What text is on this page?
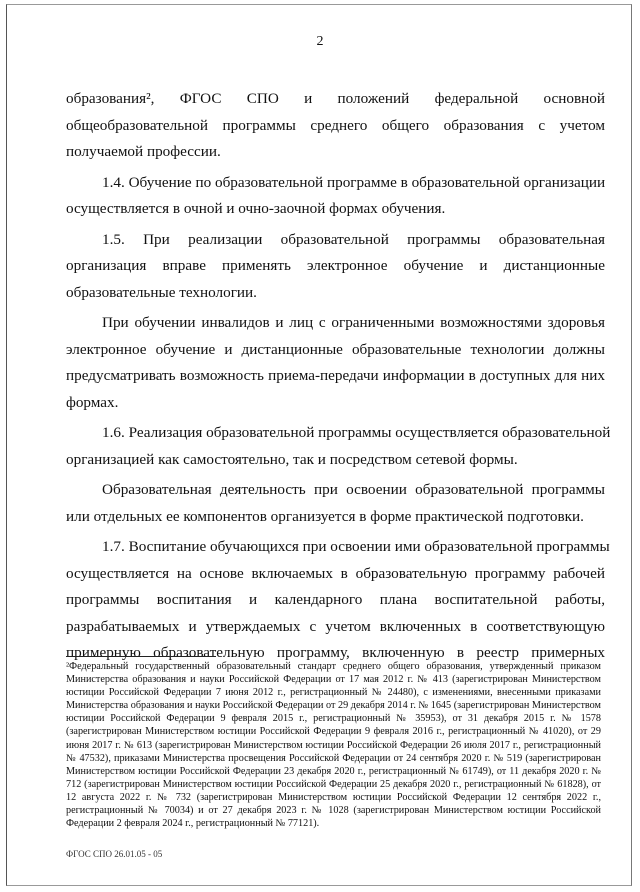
2
образования², ФГОС СПО и положений федеральной основной
общеобразовательной программы среднего общего образования с учетом
получаемой профессии.
1.4. Обучение по образовательной программе в образовательной организации
осуществляется в очной и очно-заочной формах обучения.
1.5. При реализации образовательной программы образовательная
организация вправе применять электронное обучение и дистанционные
образовательные технологии.
При обучении инвалидов и лиц с ограниченными возможностями здоровья
электронное обучение и дистанционные образовательные технологии должны
предусматривать возможность приема-передачи информации в доступных для них
формах.
1.6. Реализация образовательной программы осуществляется образовательной
организацией как самостоятельно, так и посредством сетевой формы.
Образовательная деятельность при освоении образовательной программы
или отдельных ее компонентов организуется в форме практической подготовки.
1.7. Воспитание обучающихся при освоении ими образовательной программы
осуществляется на основе включаемых в образовательную программу рабочей
программы воспитания и календарного плана воспитательной работы,
разрабатываемых и утверждаемых с учетом включенных в соответствующую
примерную образовательную программу, включенную в реестр примерных
²Федеральный государственный образовательный стандарт среднего общего образования, утвержденный приказом Министерства образования и науки Российской Федерации от 17 мая 2012 г. № 413 (зарегистрирован Министерством юстиции Российской Федерации 7 июня 2012 г., регистрационный № 24480), с изменениями, внесенными приказами Министерства образования и науки Российской Федерации от 29 декабря 2014 г. № 1645 (зарегистрирован Министерством юстиции Российской Федерации 9 февраля 2015 г., регистрационный № 35953), от 31 декабря 2015 г. № 1578 (зарегистрирован Министерством юстиции Российской Федерации 9 февраля 2016 г., регистрационный № 41020), от 29 июня 2017 г. № 613 (зарегистрирован Министерством юстиции Российской Федерации 26 июля 2017 г., регистрационный № 47532), приказами Министерства просвещения Российской Федерации от 24 сентября 2020 г. № 519 (зарегистрирован Министерством юстиции Российской Федерации 23 декабря 2020 г., регистрационный № 61749), от 11 декабря 2020 г. № 712 (зарегистрирован Министерством юстиции Российской Федерации 25 декабря 2020 г., регистрационный № 61828), от 12 августа 2022 г. № 732 (зарегистрирован Министерством юстиции Российской Федерации 12 сентября 2022 г., регистрационный № 70034) и от 27 декабря 2023 г. № 1028 (зарегистрирован Министерством юстиции Российской Федерации 2 февраля 2024 г., регистрационный № 77121).
ФГОС СПО 26.01.05 - 05
